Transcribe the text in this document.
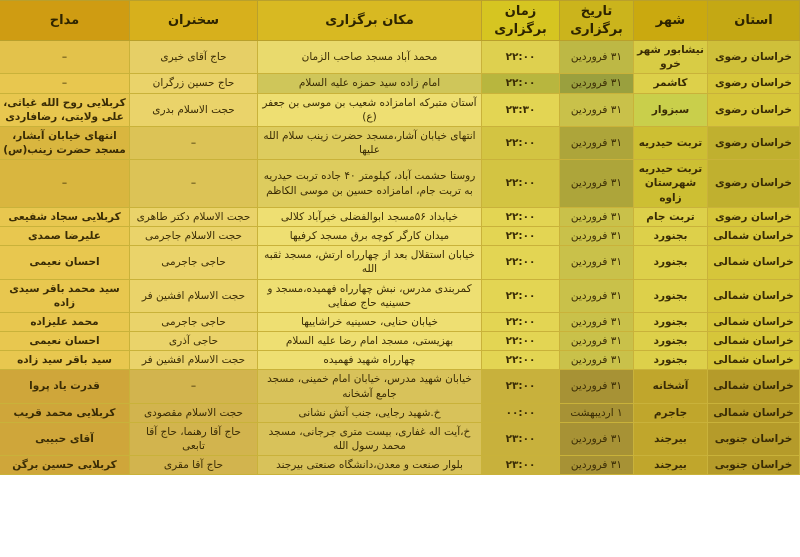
استان	شهر	تاریخ برگزاری	زمان برگزاری	مکان برگزاری	سخنران	مداح
خراسان رضوی	نیشابور شهر خرو	۳۱ فروردین	۲۲:۰۰	محمد آباد مسجد صاحب الزمان	حاج آقای خیری	–
خراسان رضوی	کاشمر	۳۱ فروردین	۲۲:۰۰	امام زاده سید حمزه علیه السلام	حاج حسین زرگران	–
خراسان رضوی	سبزوار	۳۱ فروردین	۲۳:۳۰	آستان متبرکه امامزاده شعیب بن موسی بن جعفر (ع)	حجت الاسلام بدری	کربلایی روح الله غیاثی، علی ولایتی، رضافاردی
خراسان رضوی	تربت حیدریه	۳۱ فروردین	۲۲:۰۰	انتهای خیابان آشار،مسجد حضرت زینب سلام الله علیها	–	انتهای خیابان آبشار، مسجد حضرت زینب(س)
خراسان رضوی	تربت حیدریه شهرستان زاوه	۳۱ فروردین	۲۲:۰۰	روستا حشمت آباد، کیلومتر ۴۰ جاده تربت حیدریه به تربت جام، امامزاده حسین بن موسی الکاظم	–	–
خراسان رضوی	تربت جام	۳۱ فروردین	۲۲:۰۰	خیابداد ۵۶مسجد ابوالفضلی خیرآباد کلالی	حجت الاسلام دکتر طاهری	کربلایی سجاد شفیعی
خراسان شمالی	بجنورد	۳۱ فروردین	۲۲:۰۰	میدان کارگر کوچه برق مسجد کرفیها	حجت الاسلام جاجرمی	علیرضا صمدی
خراسان شمالی	بجنورد	۳۱ فروردین	۲۲:۰۰	خیابان استقلال بعد از چهارراه ارتش، مسجد ثقبه الله	حاجی جاجرمی	احسان نعیمی
خراسان شمالی	بجنورد	۳۱ فروردین	۲۲:۰۰	کمربندی مدرس، نبش چهارراه فهمیده،مسجد و حسینیه حاج صفایی	حجت الاسلام افشین فر	سید محمد باقر سیدی زاده
خراسان شمالی	بجنورد	۳۱ فروردین	۲۲:۰۰	خیابان حنایی، حسینیه خراشاییها	حاجی جاجرمی	محمد علیزاده
خراسان شمالی	بجنورد	۳۱ فروردین	۲۲:۰۰	بهزیستی، مسجد امام رضا علیه السلام	حاجی آذری	احسان نعیمی
خراسان شمالی	بجنورد	۳۱ فروردین	۲۲:۰۰	چهارراه شهید فهمیده	حجت الاسلام افشین فر	سید باقر سید زاده
خراسان شمالی	آشخانه	۳۱ فروردین	۲۳:۰۰	خیابان شهید مدرس، خیابان امام خمینی، مسجد جامع آشخانه	–	قدرت یاد پروا
خراسان شمالی	جاجرم	۱ اردیبهشت	۰۰:۰۰	خ.شهید رجایی، جنب آتش نشانی	حجت الاسلام مقصودی	کربلایی محمد قریب
خراسان جنوبی	بیرجند	۳۱ فروردین	۲۳:۰۰	خ،آیت اله غفاری، بیست متری جرجانی، مسجد محمد رسول الله	حاج آقا رهنما، حاج آقا تابعی	آقای حبیبی
خراسان جنوبی	بیرجند	۳۱ فروردین	۲۳:۰۰	بلوار صنعت و معدن،دانشگاه صنعتی بیرجند	حاج آقا مقری	کربلایی حسین برگن
